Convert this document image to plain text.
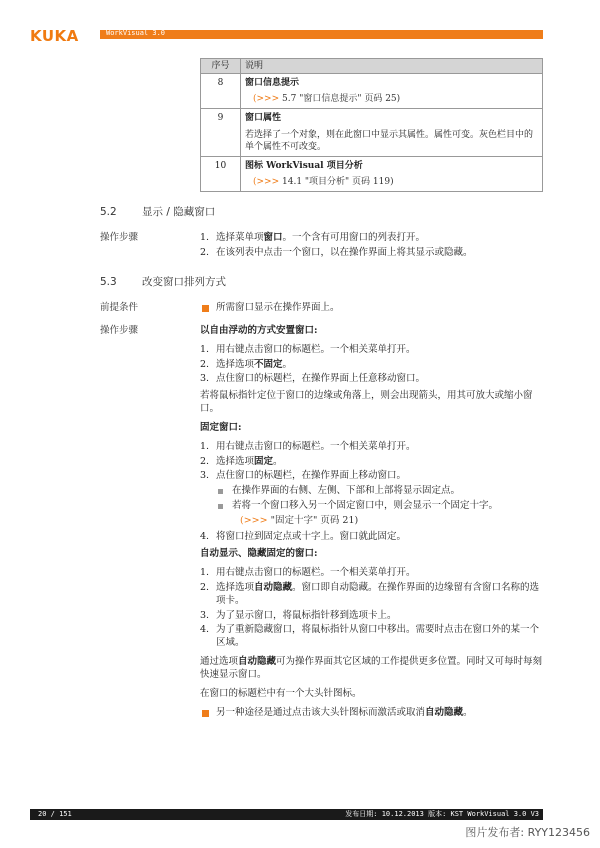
KUKA	WorkVisual 3.0
序号	说明
8	窗口信息提示
(>>> 5.7 "窗口信息提示" 页码 25)

9	窗口属性
若选择了一个对象，则在此窗口中显示其属性。属性可变。灰色栏目中的单个属性不可改变。

10	图标 WorkVisual 项目分析
(>>> 14.1 "项目分析" 页码 119)
5.2 显示 / 隐藏窗口
操作步骤	1. 选择菜单项窗口。一个含有可用窗口的列表打开。
2. 在该列表中点击一个窗口，以在操作界面上将其显示或隐藏。
5.3 改变窗口排列方式
前提条件	所需窗口显示在操作界面上。
操作步骤	以自由浮动的方式安置窗口:
1. 用右键点击窗口的标题栏。一个相关菜单打开。
2. 选择选项不固定。
3. 点住窗口的标题栏，在操作界面上任意移动窗口。
若将鼠标指针定位于窗口的边缘或角落上，则会出现箭头，用其可放大或缩小窗口。
固定窗口:
1. 用右键点击窗口的标题栏。一个相关菜单打开。
2. 选择选项固定。
3. 点住窗口的标题栏，在操作界面上移动窗口。
在操作界面的右侧、左侧、下部和上部将显示固定点。
若将一个窗口移入另一个固定窗口中，则会显示一个固定十字。
(>>> "固定十字" 页码 21)
4. 将窗口拉到固定点或十字上。窗口就此固定。
自动显示、隐藏固定的窗口:
1. 用右键点击窗口的标题栏。一个相关菜单打开。
2. 选择选项自动隐藏。窗口即自动隐藏。在操作界面的边缘留有含窗口名称的选项卡。
3. 为了显示窗口，将鼠标指针移到选项卡上。
4. 为了重新隐藏窗口，将鼠标指针从窗口中移出。需要时点击在窗口外的某一个区域。
通过选项自动隐藏可为操作界面其它区域的工作提供更多位置。同时又可每时每刻快速显示窗口。
在窗口的标题栏中有一个大头针图标。
另一种途径是通过点击该大头针图标而激活或取消自动隐藏。
20 / 151	发布日期: 10.12.2013 版本: KST WorkVisual 3.0 V3
图片发布者: RYY123456
